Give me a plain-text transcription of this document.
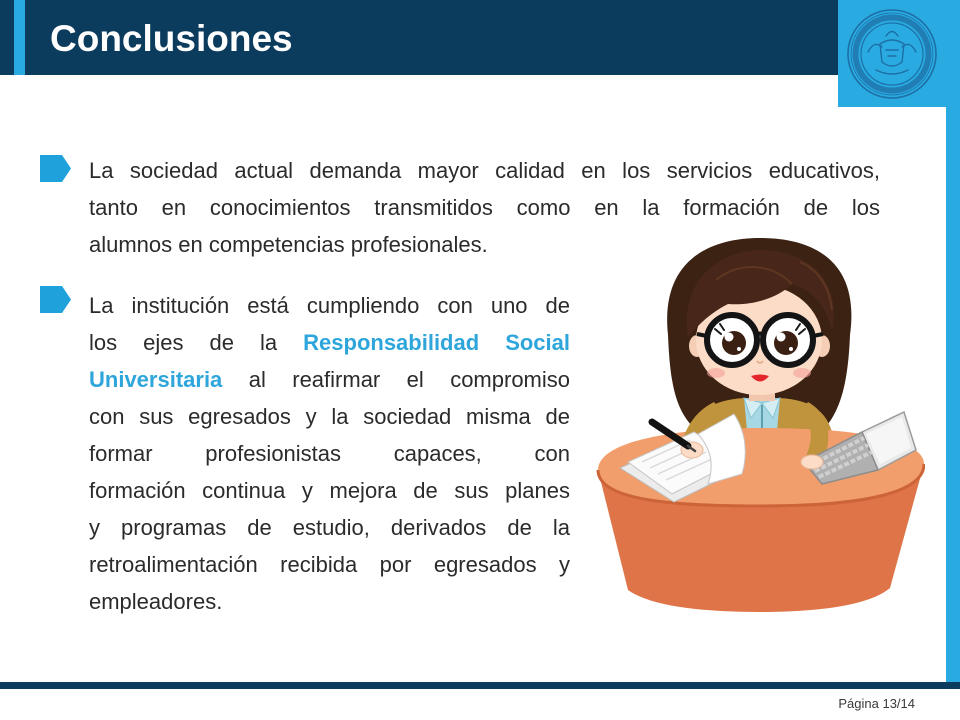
Conclusiones
La sociedad actual demanda mayor calidad en los servicios educativos,
tanto en conocimientos transmitidos como en la formación de los
alumnos en competencias profesionales.
La institución está cumpliendo con uno de
los ejes de la Responsabilidad Social
Universitaria al reafirmar el compromiso
con sus egresados y la sociedad misma de
formar profesionistas capaces, con
formación continua y mejora de sus planes
y programas de estudio, derivados de la
retroalimentación recibida por egresados y
empleadores.
Página 13/14
